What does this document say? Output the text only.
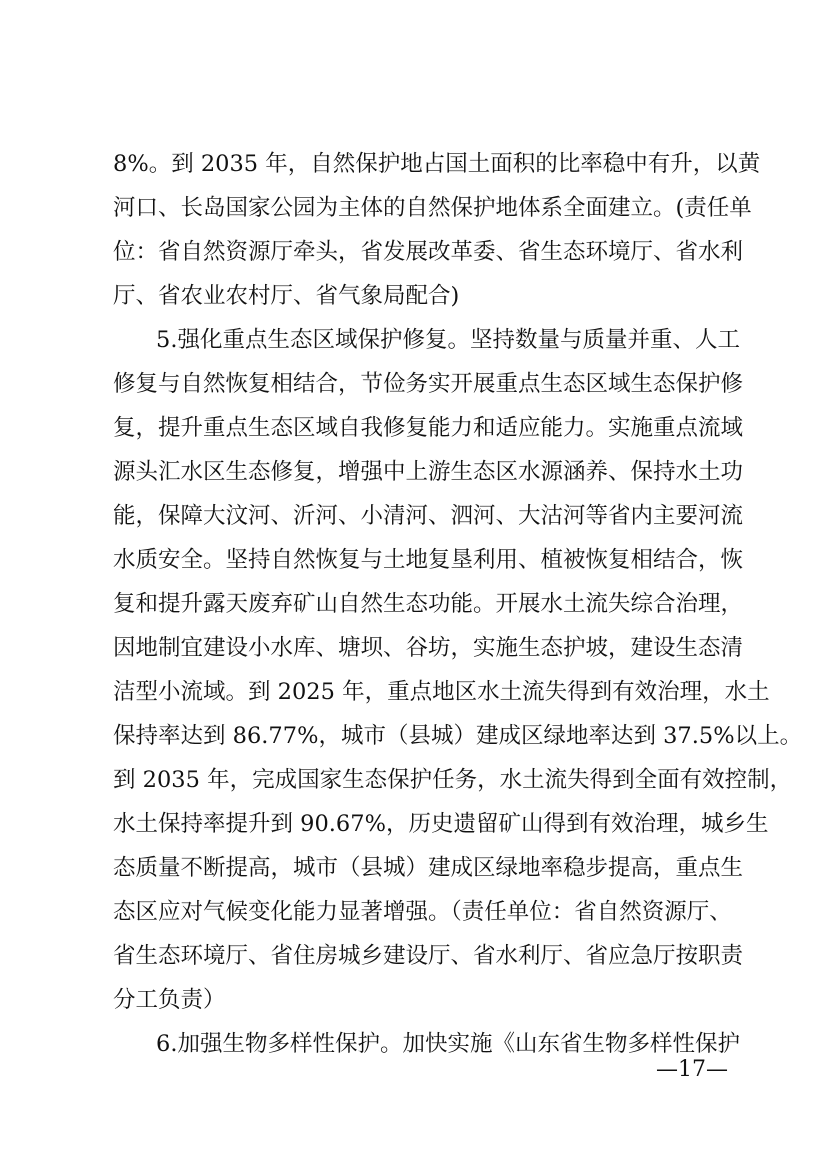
8%。到 2035 年，自然保护地占国土面积的比率稳中有升，以黄
河口、长岛国家公园为主体的自然保护地体系全面建立。(责任单
位：省自然资源厅牵头，省发展改革委、省生态环境厅、省水利
厅、省农业农村厅、省气象局配合)
5.强化重点生态区域保护修复。坚持数量与质量并重、人工
修复与自然恢复相结合，节俭务实开展重点生态区域生态保护修
复，提升重点生态区域自我修复能力和适应能力。实施重点流域
源头汇水区生态修复，增强中上游生态区水源涵养、保持水土功
能，保障大汶河、沂河、小清河、泗河、大沽河等省内主要河流
水质安全。坚持自然恢复与土地复垦利用、植被恢复相结合，恢
复和提升露天废弃矿山自然生态功能。开展水土流失综合治理，
因地制宜建设小水库、塘坝、谷坊，实施生态护坡，建设生态清
洁型小流域。到 2025 年，重点地区水土流失得到有效治理，水土
保持率达到 86.77%，城市（县城）建成区绿地率达到 37.5%以上。
到 2035 年，完成国家生态保护任务，水土流失得到全面有效控制，
水土保持率提升到 90.67%，历史遗留矿山得到有效治理，城乡生
态质量不断提高，城市（县城）建成区绿地率稳步提高，重点生
态区应对气候变化能力显著增强。（责任单位：省自然资源厅、
省生态环境厅、省住房城乡建设厅、省水利厅、省应急厅按职责
分工负责）
6.加强生物多样性保护。加快实施《山东省生物多样性保护
—17—
